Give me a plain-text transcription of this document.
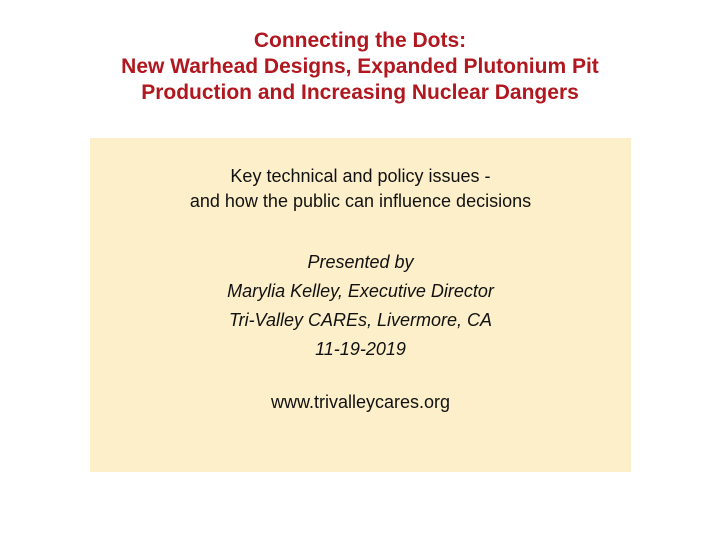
Connecting the Dots:
New Warhead Designs, Expanded Plutonium Pit
Production and Increasing Nuclear Dangers
Key technical and policy issues -
and how the public can influence decisions
Presented by
Marylia Kelley, Executive Director
Tri-Valley CAREs, Livermore, CA
11-19-2019
www.trivalleycares.org
